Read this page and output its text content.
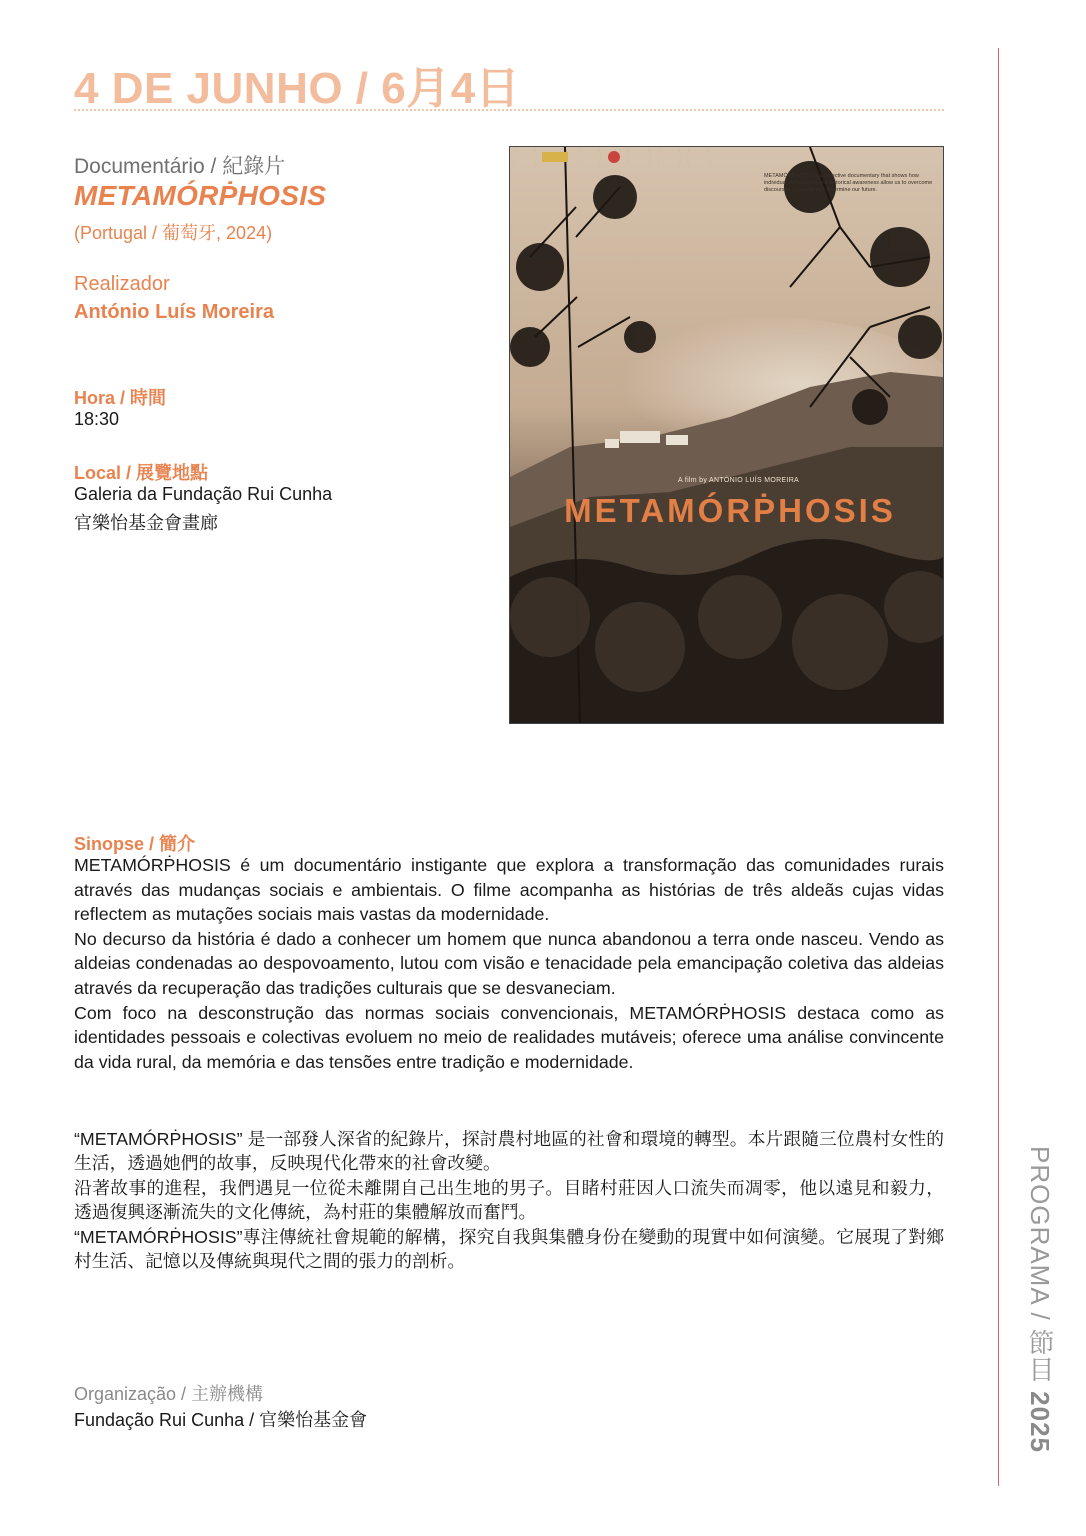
4 DE JUNHO / 6月4日
PROGRAMA / 節目 2025
Documentário / 紀錄片
METAMÓRṖHOSIS
(Portugal / 葡萄牙, 2024)
Realizador
António Luís Moreira
Hora / 時間
18:30
Local / 展覽地點
Galeria da Fundação Rui Cunha
官樂怡基金會畫廊
METAMÓRṖHOSIS is a reflective documentary that shows how individual self-esteem and historical awareness allow us to overcome discourses of fatality and determine our future.
A film by ANTÓNIO LUÍS MOREIRA
METAMÓRṖHOSIS
Sinopse / 簡介

METAMÓRṖHOSIS é um documentário instigante que explora a transformação das comunidades rurais através das mudanças sociais e ambientais. O filme acompanha as histórias de três aldeãs cujas vidas reflectem as mutações sociais mais vastas da modernidade.

No decurso da história é dado a conhecer um homem que nunca abandonou a terra onde nasceu. Vendo as aldeias condenadas ao despovoamento, lutou com visão e tenacidade pela emancipação coletiva das aldeias através da recuperação das tradições culturais que se desvaneciam.

Com foco na desconstrução das normas sociais convencionais, METAMÓRṖHOSIS destaca como as identidades pessoais e colectivas evoluem no meio de realidades mutáveis; oferece uma análise convincente da vida rural, da memória e das tensões entre tradição e modernidade.

“METAMÓRṖHOSIS” 是一部發人深省的紀錄片，探討農村地區的社會和環境的轉型。本片跟隨三位農村女性的生活，透過她們的故事，反映現代化帶來的社會改變。

沿著故事的進程，我們遇見一位從未離開自己出生地的男子。目睹村莊因人口流失而凋零，他以遠見和毅力，透過復興逐漸流失的文化傳統，為村莊的集體解放而奮鬥。

“METAMÓRṖHOSIS”專注傳統社會規範的解構，探究自我與集體身份在變動的現實中如何演變。它展現了對鄉村生活、記憶以及傳統與現代之間的張力的剖析。

Organização / 主辦機構
Fundação Rui Cunha / 官樂怡基金會
